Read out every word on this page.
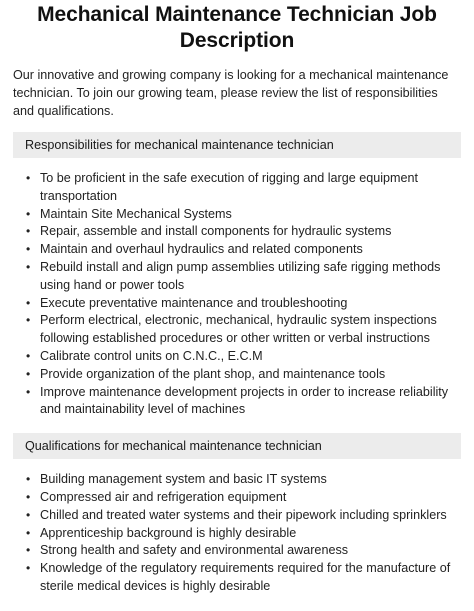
Mechanical Maintenance Technician Job Description

Our innovative and growing company is looking for a mechanical maintenance technician. To join our growing team, please review the list of responsibilities and qualifications.

Responsibilities for mechanical maintenance technician
• To be proficient in the safe execution of rigging and large equipment transportation
• Maintain Site Mechanical Systems
• Repair, assemble and install components for hydraulic systems
• Maintain and overhaul hydraulics and related components
• Rebuild install and align pump assemblies utilizing safe rigging methods using hand or power tools
• Execute preventative maintenance and troubleshooting
• Perform electrical, electronic, mechanical, hydraulic system inspections following established procedures or other written or verbal instructions
• Calibrate control units on C.N.C., E.C.M
• Provide organization of the plant shop, and maintenance tools
• Improve maintenance development projects in order to increase reliability and maintainability level of machines
Qualifications for mechanical maintenance technician
• Building management system and basic IT systems
• Compressed air and refrigeration equipment
• Chilled and treated water systems and their pipework including sprinklers
• Apprenticeship background is highly desirable
• Strong health and safety and environmental awareness
• Knowledge of the regulatory requirements required for the manufacture of sterile medical devices is highly desirable
